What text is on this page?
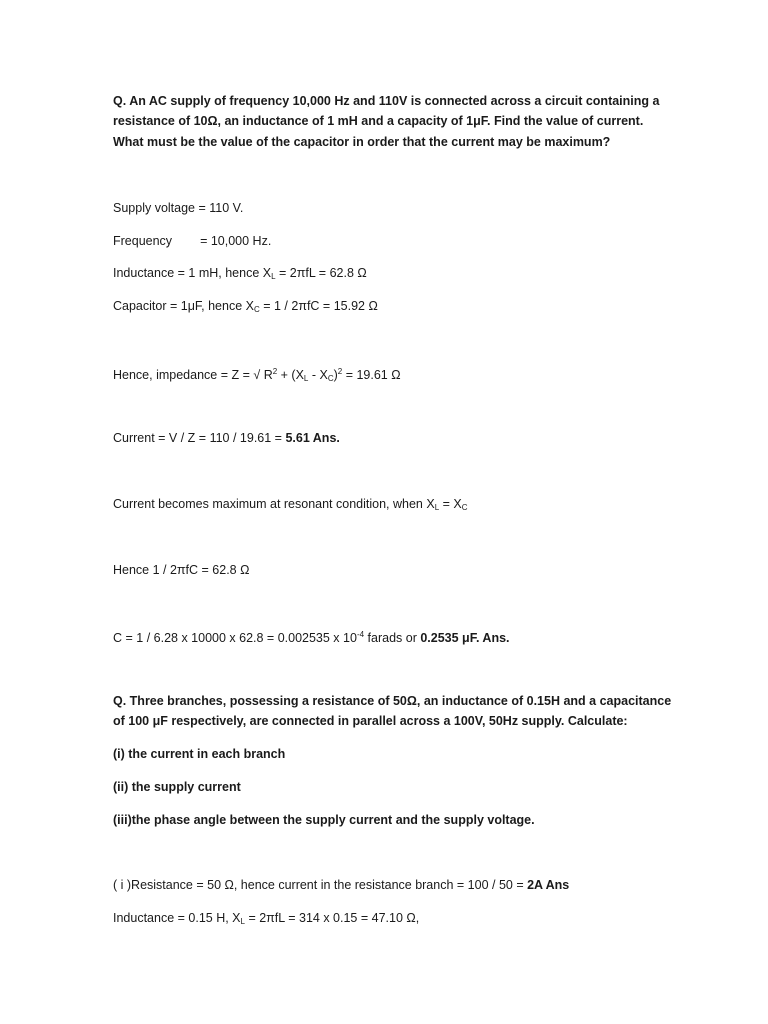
Q. An AC supply of frequency 10,000 Hz and 110V is connected across a circuit containing a
resistance of 10Ω, an inductance of 1 mH and a capacity of 1μF. Find the value of current.
What must be the value of the capacitor in order that the current may be maximum?
Supply voltage = 110 V.
Frequency = 10,000 Hz.
Inductance = 1 mH, hence $X_L = 2\pi fL = 62.8$ Ω
Capacitor = 1μF, hence $X_C = 1 / 2\pi fC = 15.92$ Ω
Hence, impedance = Z = √ $R^2 + (X_L - X_C)^2 = 19.61$ Ω
Current = V / Z = 110 / 19.61 = 5.61 Ans.
Current becomes maximum at resonant condition, when $X_L = X_C$
Hence 1 / 2πfC = 62.8 Ω
C = 1 / 6.28 x 10000 x 62.8 = 0.002535 x $10^{-4}$ farads or 0.2535 μF. Ans.
Q. Three branches, possessing a resistance of 50Ω, an inductance of 0.15H and a capacitance
of 100 μF respectively, are connected in parallel across a 100V, 50Hz supply. Calculate:
(i) the current in each branch
(ii) the supply current
(iii)the phase angle between the supply current and the supply voltage.
( i )Resistance = 50 Ω, hence current in the resistance branch = 100 / 50 = 2A Ans
Inductance = 0.15 H, $X_L = 2\pi fL = 314$ x 0.15 = 47.10 Ω,
